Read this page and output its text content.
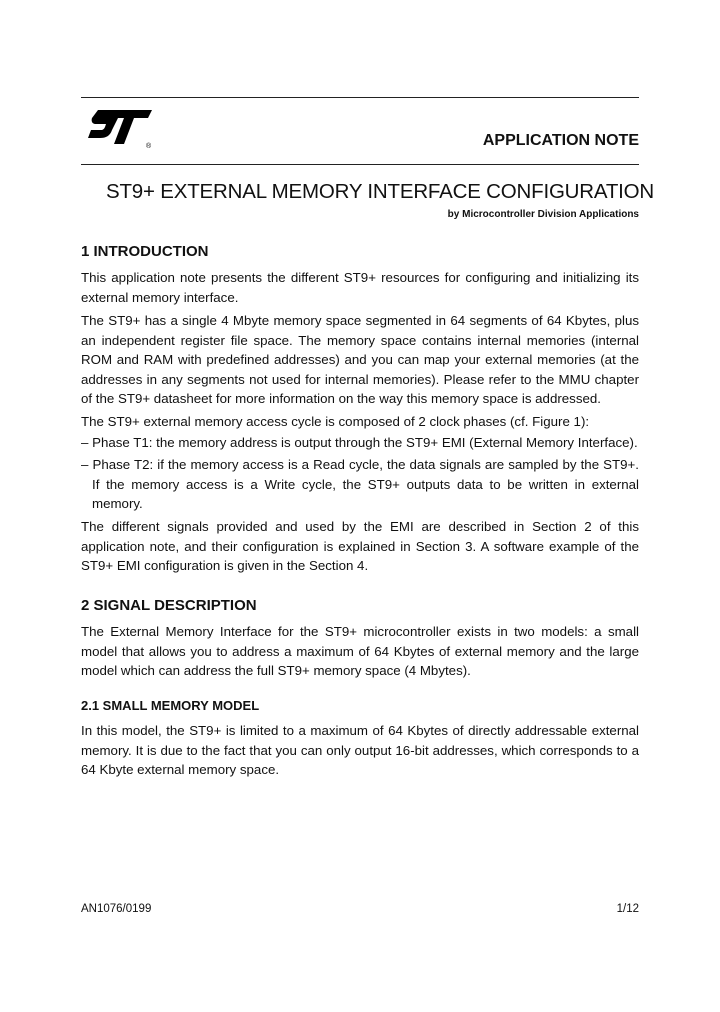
®	APPLICATION NOTE
ST9+ EXTERNAL MEMORY INTERFACE CONFIGURATION
by Microcontroller Division Applications
1 INTRODUCTION

This application note presents the different ST9+ resources for configuring and initializing its external memory interface.

The ST9+ has a single 4 Mbyte memory space segmented in 64 segments of 64 Kbytes, plus an independent register file space. The memory space contains internal memories (internal ROM and RAM with predefined addresses) and you can map your external memories (at the addresses in any segments not used for internal memories). Please refer to the MMU chapter of the ST9+ datasheet for more information on the way this memory space is addressed.

The ST9+ external memory access cycle is composed of 2 clock phases (cf. Figure 1):

– Phase T1: the memory address is output through the ST9+ EMI (External Memory Interface).

– Phase T2: if the memory access is a Read cycle, the data signals are sampled by the ST9+. If the memory access is a Write cycle, the ST9+ outputs data to be written in external memory.

The different signals provided and used by the EMI are described in Section 2 of this application note, and their configuration is explained in Section 3. A software example of the ST9+ EMI configuration is given in the Section 4.

2 SIGNAL DESCRIPTION

The External Memory Interface for the ST9+ microcontroller exists in two models: a small model that allows you to address a maximum of 64 Kbytes of external memory and the large model which can address the full ST9+ memory space (4 Mbytes).

2.1 SMALL MEMORY MODEL

In this model, the ST9+ is limited to a maximum of 64 Kbytes of directly addressable external memory. It is due to the fact that you can only output 16-bit addresses, which corresponds to a 64 Kbyte external memory space.

AN1076/0199	1/12
